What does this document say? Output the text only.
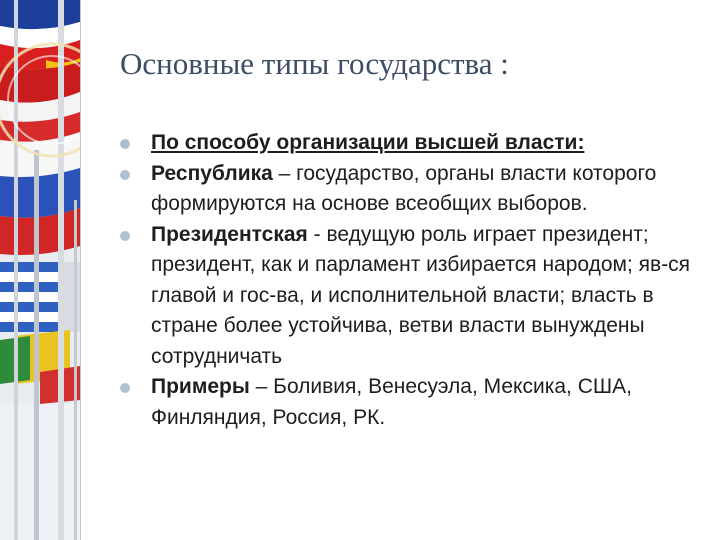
Основные типы государства :
По способу организации высшей власти:
Республика – государство, органы власти которого формируются на основе всеобщих выборов.
Президентская - ведущую роль играет президент; президент, как и парламент избирается народом; яв-ся главой и гос-ва, и исполнительной власти; власть в стране более устойчива, ветви власти вынуждены сотрудничать
Примеры – Боливия, Венесуэла, Мексика, США, Финляндия, Россия, РК.
